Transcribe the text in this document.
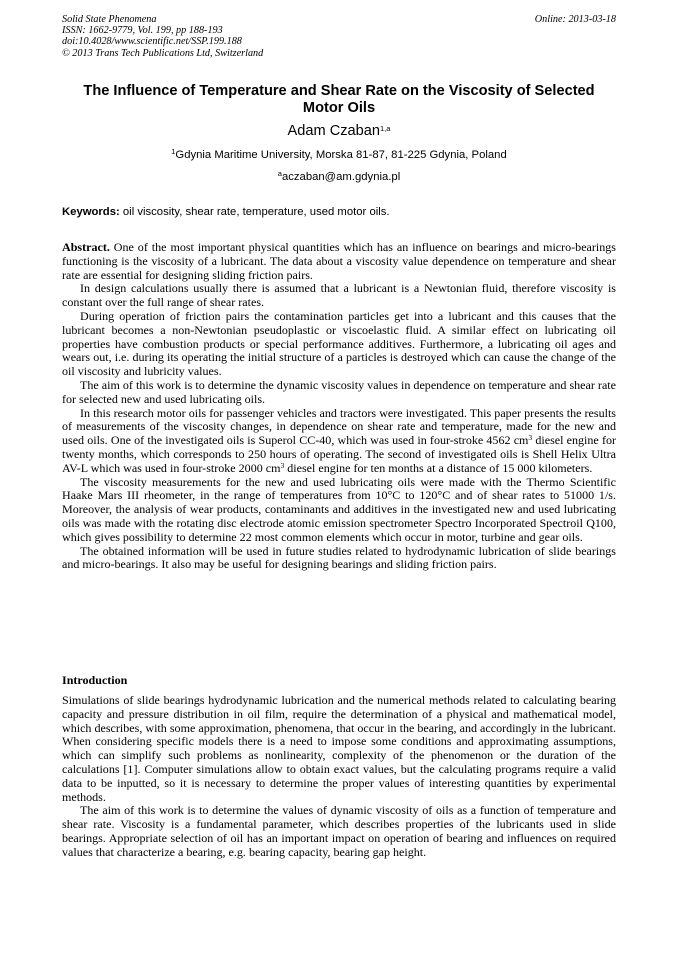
Solid State Phenomena
ISSN: 1662-9779, Vol. 199, pp 188-193
doi:10.4028/www.scientific.net/SSP.199.188
© 2013 Trans Tech Publications Ltd, Switzerland
Online: 2013-03-18
The Influence of Temperature and Shear Rate on the Viscosity of Selected Motor Oils
Adam Czaban$^{1,a}$
$^1$Gdynia Maritime University, Morska 81-87, 81-225 Gdynia, Poland
$^a$aczaban@am.gdynia.pl
Keywords: oil viscosity, shear rate, temperature, used motor oils.

Abstract. One of the most important physical quantities which has an influence on bearings and micro-bearings functioning is the viscosity of a lubricant. The data about a viscosity value dependence on temperature and shear rate are essential for designing sliding friction pairs.

In design calculations usually there is assumed that a lubricant is a Newtonian fluid, therefore viscosity is constant over the full range of shear rates.

During operation of friction pairs the contamination particles get into a lubricant and this causes that the lubricant becomes a non-Newtonian pseudoplastic or viscoelastic fluid. A similar effect on lubricating oil properties have combustion products or special performance additives. Furthermore, a lubricating oil ages and wears out, i.e. during its operating the initial structure of a particles is destroyed which can cause the change of the oil viscosity and lubricity values.

The aim of this work is to determine the dynamic viscosity values in dependence on temperature and shear rate for selected new and used lubricating oils.

In this research motor oils for passenger vehicles and tractors were investigated. This paper presents the results of measurements of the viscosity changes, in dependence on shear rate and temperature, made for the new and used oils. One of the investigated oils is Superol CC-40, which was used in four-stroke 4562 $cm^3$ diesel engine for twenty months, which corresponds to 250 hours of operating. The second of investigated oils is Shell Helix Ultra AV-L which was used in four-stroke 2000 $cm^3$ diesel engine for ten months at a distance of 15 000 kilometers.

The viscosity measurements for the new and used lubricating oils were made with the Thermo Scientific Haake Mars III rheometer, in the range of temperatures from 10°C to 120°C and of shear rates to 51000 1/s. Moreover, the analysis of wear products, contaminants and additives in the investigated new and used lubricating oils was made with the rotating disc electrode atomic emission spectrometer Spectro Incorporated Spectroil Q100, which gives possibility to determine 22 most common elements which occur in motor, turbine and gear oils.

The obtained information will be used in future studies related to hydrodynamic lubrication of slide bearings and micro-bearings. It also may be useful for designing bearings and sliding friction pairs.

Introduction

Simulations of slide bearings hydrodynamic lubrication and the numerical methods related to calculating bearing capacity and pressure distribution in oil film, require the determination of a physical and mathematical model, which describes, with some approximation, phenomena, that occur in the bearing, and accordingly in the lubricant. When considering specific models there is a need to impose some conditions and approximating assumptions, which can simplify such problems as nonlinearity, complexity of the phenomenon or the duration of the calculations [1]. Computer simulations allow to obtain exact values, but the calculating programs require a valid data to be inputted, so it is necessary to determine the proper values of interesting quantities by experimental methods.

The aim of this work is to determine the values of dynamic viscosity of oils as a function of temperature and shear rate. Viscosity is a fundamental parameter, which describes properties of the lubricants used in slide bearings. Appropriate selection of oil has an important impact on operation of bearing and influences on required values that characterize a bearing, e.g. bearing capacity, bearing gap height.
